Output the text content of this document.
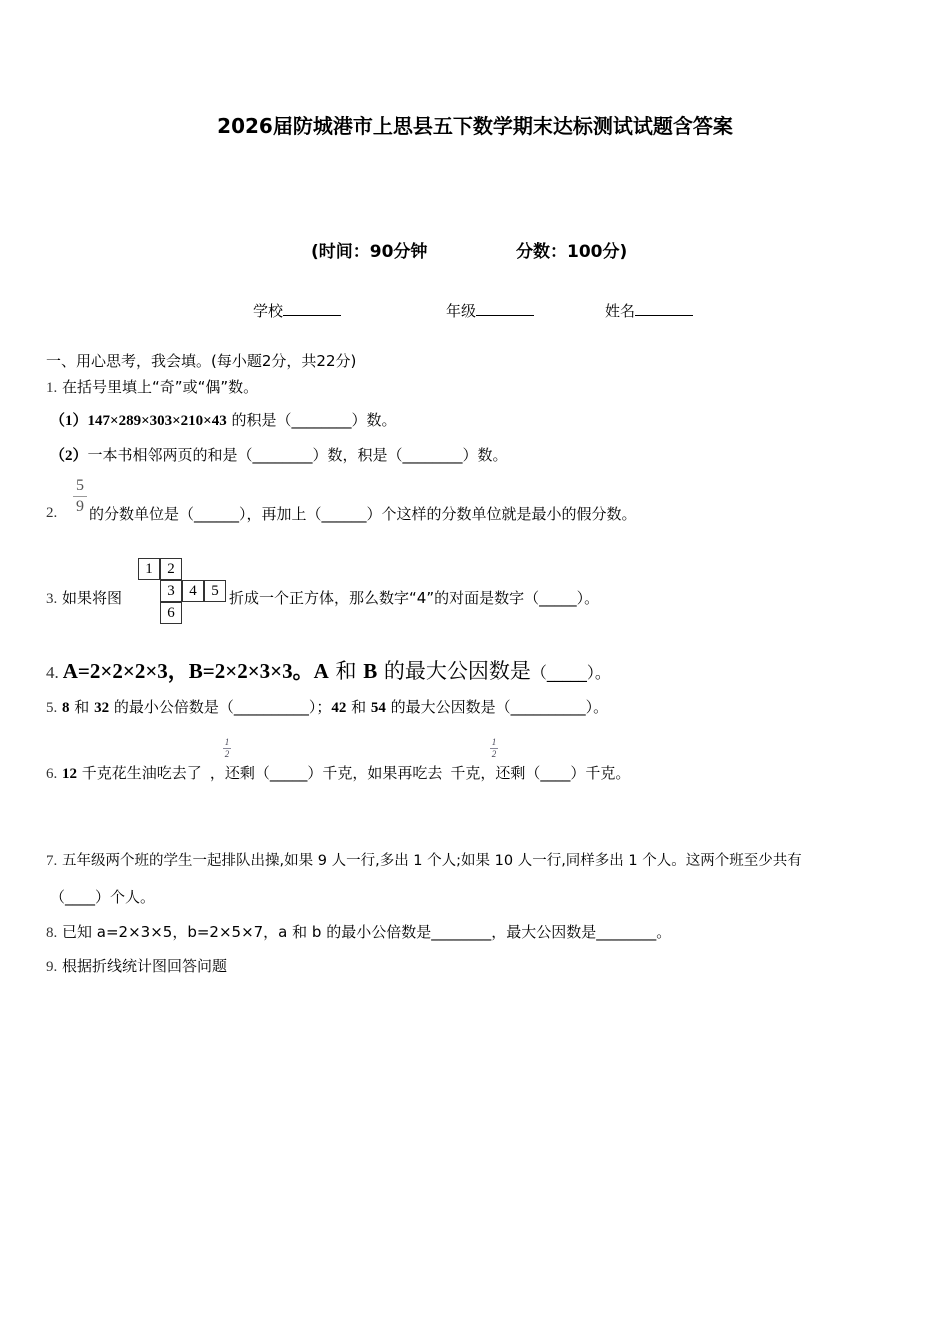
2026届防城港市上思县五下数学期末达标测试试题含答案
(时间：90分钟	分数：100分)
学校	年级	姓名
一、用心思考，我会填。(每小题2分，共22分)
1. 在括号里填上“奇”或“偶”数。
（1）147×289×303×210×43 的积是（________）数。
（2）一本书相邻两页的和是（________）数，积是（________）数。
2.
5
9 的分数单位是（______），再加上（______）个这样的分数单位就是最小的假分数。
3. 如果将图
1 2
3 4 5
6
折成一个正方体，那么数字“4”的对面是数字（_____）。
4. A=2×2×2×3，B=2×2×3×3。A 和 B 的最大公因数是（_____）。
5. 8 和 32 的最小公倍数是（__________）；42 和 54 的最大公因数是（__________）。
6. 12 千克花生油吃去了 ，还剩（_____）千克，如果再吃去 千克，还剩（____）千克。
1
2
1
2
7. 五年级两个班的学生一起排队出操,如果 9 人一行,多出 1 个人;如果 10 人一行,同样多出 1 个人。这两个班至少共有
（____）个人。
8. 已知 a=2×3×5，b=2×5×7，a 和 b 的最小公倍数是________，最大公因数是________。
9. 根据折线统计图回答问题
